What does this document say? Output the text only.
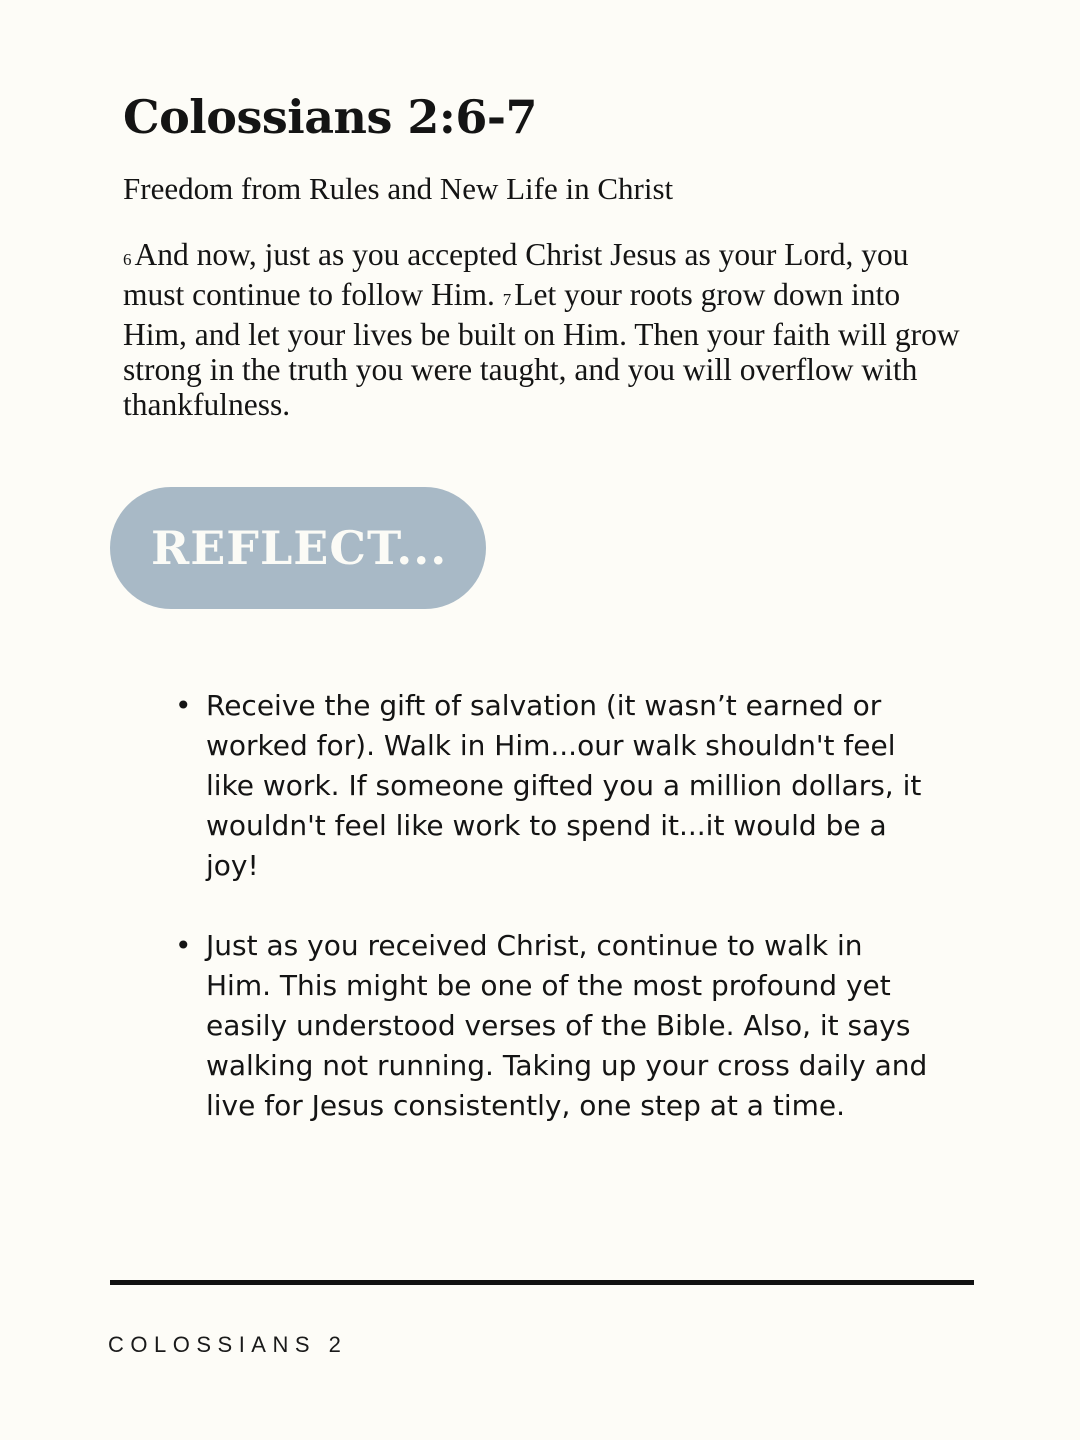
Colossians 2:6-7

Freedom from Rules and New Life in Christ

6And now, just as you accepted Christ Jesus as your Lord, you must continue to follow Him. 7Let your roots grow down into Him, and let your lives be built on Him. Then your faith will grow strong in the truth you were taught, and you will overflow with thankfulness.

REFLECT...
• Receive the gift of salvation (it wasn’t earned or worked for). Walk in Him...our walk shouldn't feel like work. If someone gifted you a million dollars, it wouldn't feel like work to spend it...it would be a joy!
• Just as you received Christ, continue to walk in Him. This might be one of the most profound yet easily understood verses of the Bible. Also, it says walking not running. Taking up your cross daily and live for Jesus consistently, one step at a time.

COLOSSIANS 2
